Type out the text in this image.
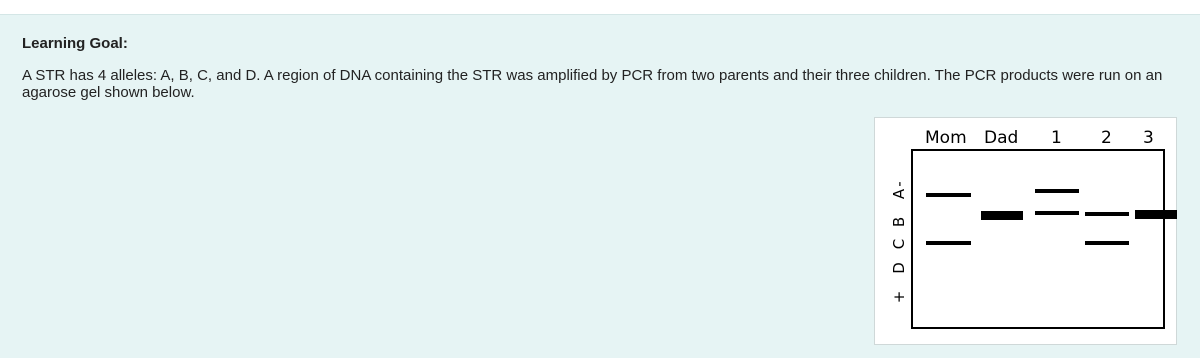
Learning Goal:
A STR has 4 alleles: A, B, C, and D. A region of DNA containing the STR was amplified by PCR from two parents and their three children. The PCR products were run on an agarose gel shown below.
Mom Dad 1 2 3
-
A
B
C
D
+
